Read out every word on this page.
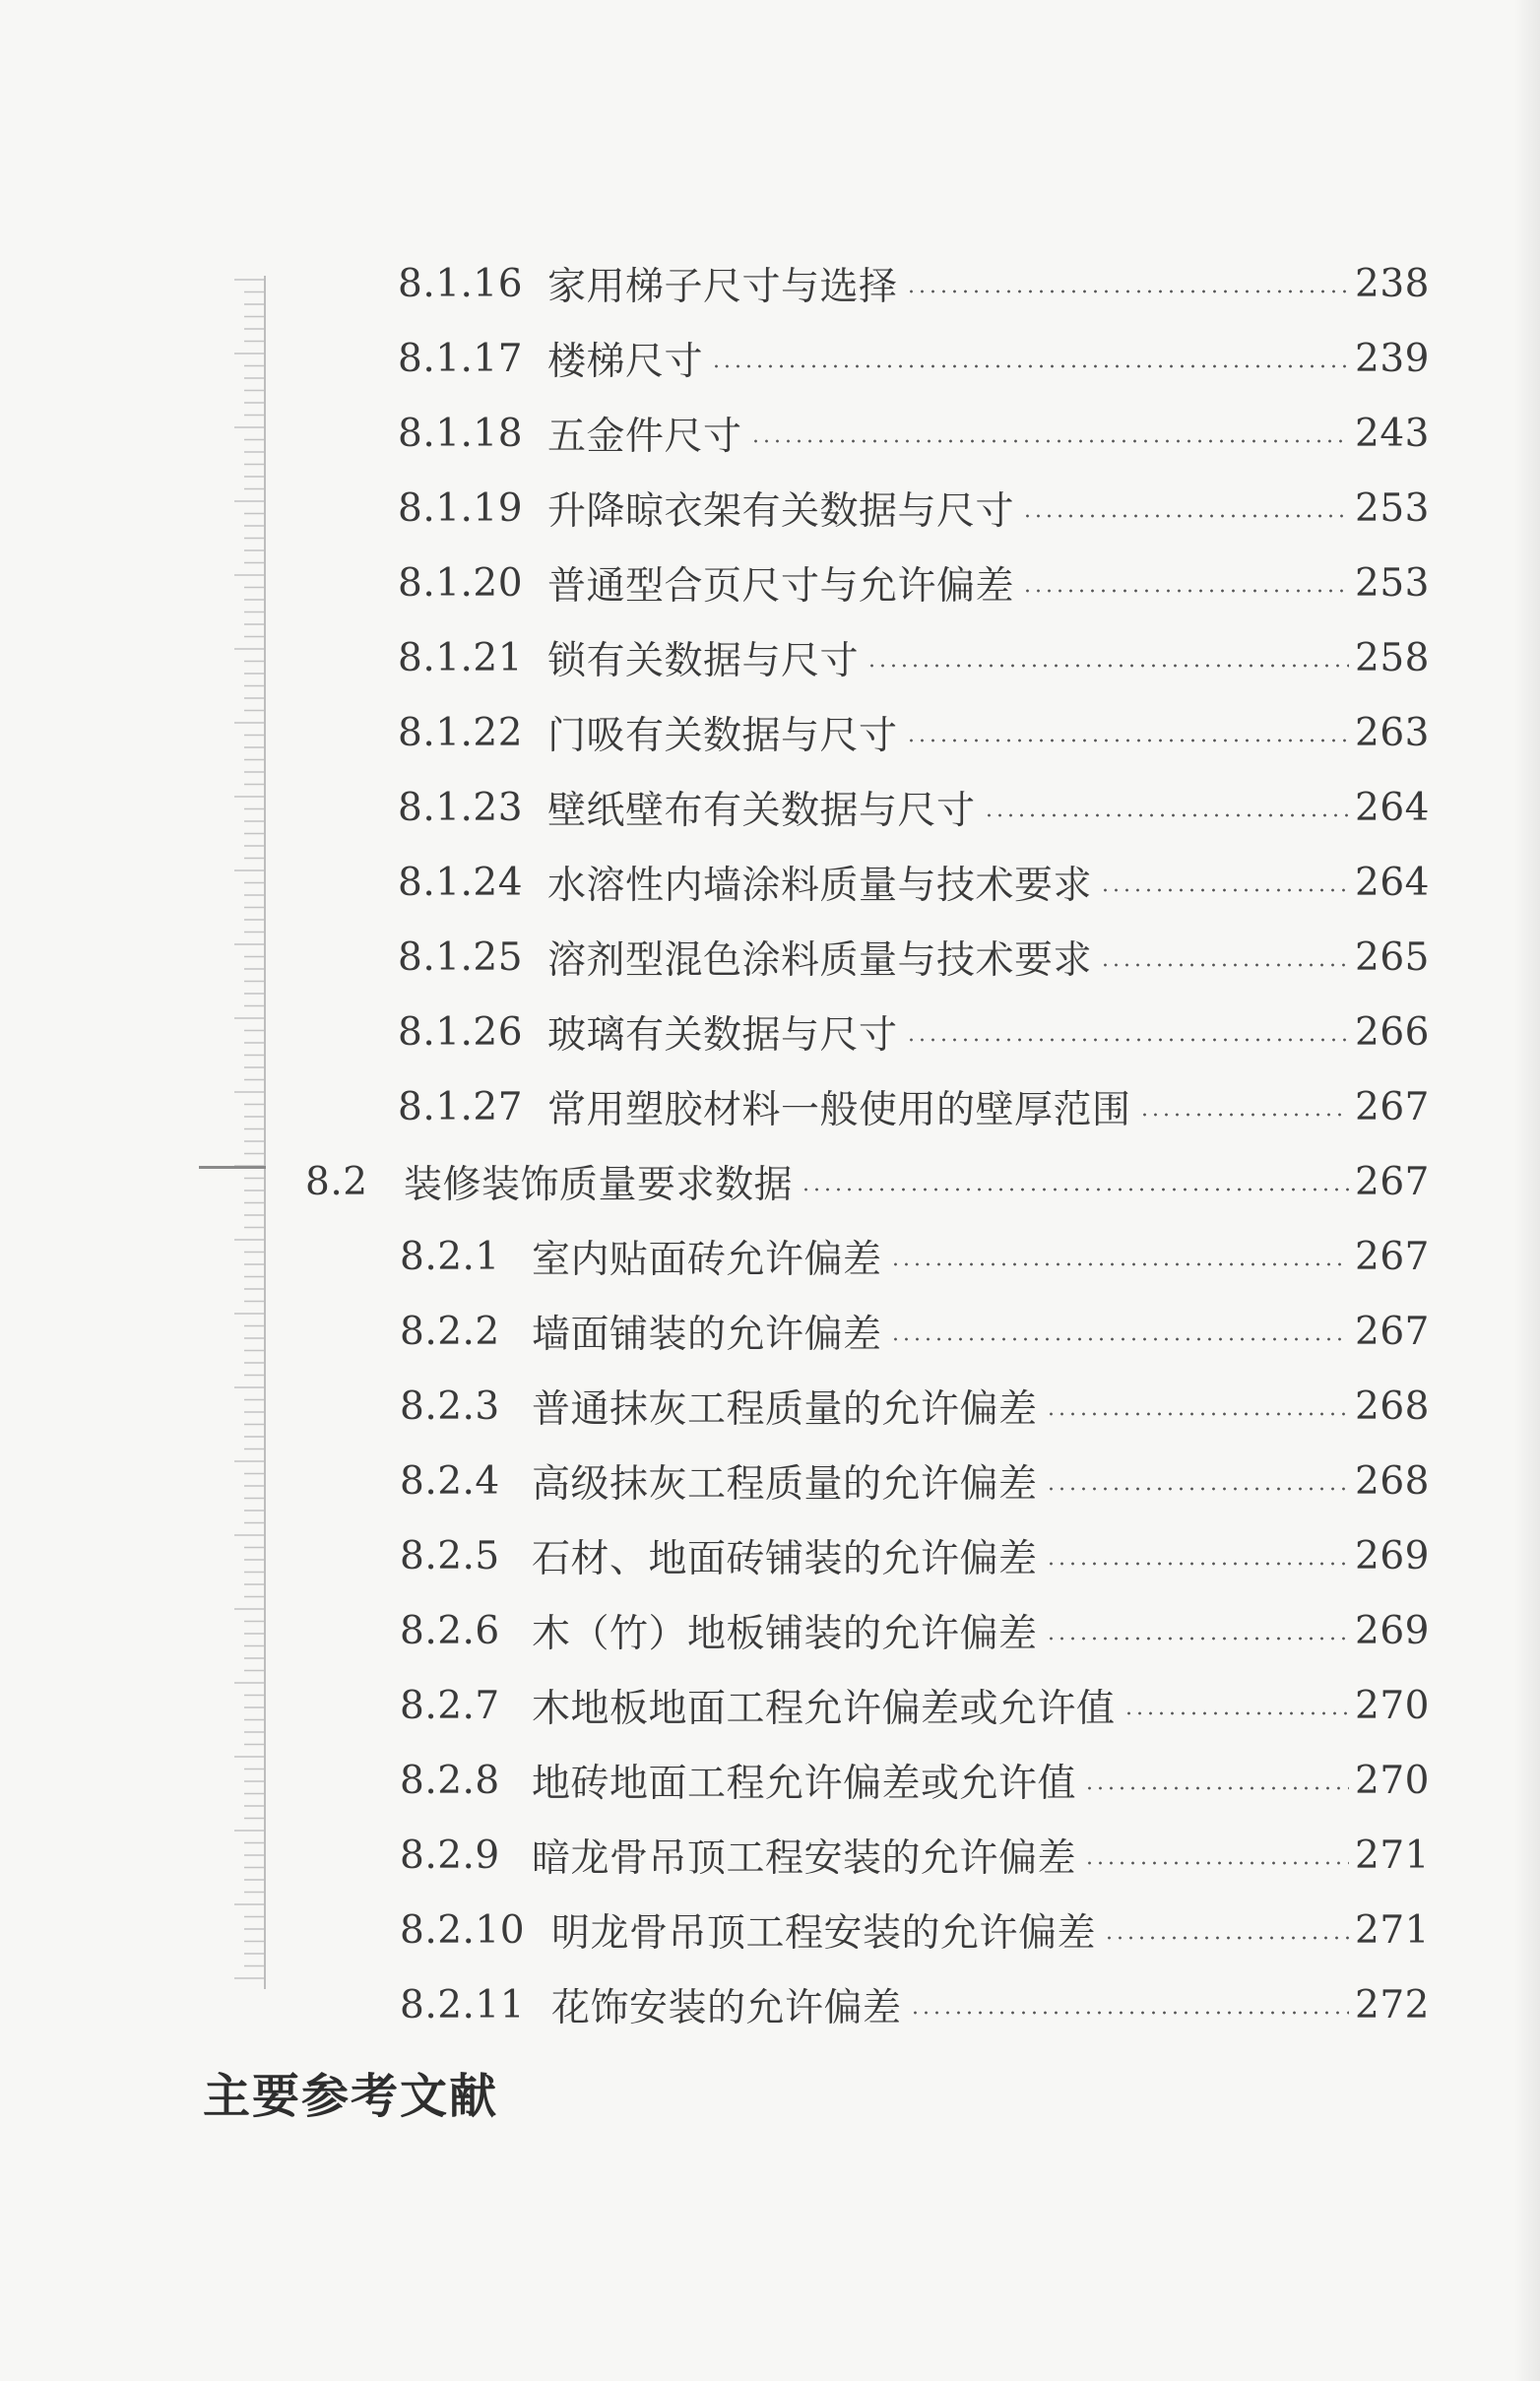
8.1.16 家用梯子尺寸与选择	238
8.1.17 楼梯尺寸	239
8.1.18 五金件尺寸	243
8.1.19 升降晾衣架有关数据与尺寸	253
8.1.20 普通型合页尺寸与允许偏差	253
8.1.21 锁有关数据与尺寸	258
8.1.22 门吸有关数据与尺寸	263
8.1.23 壁纸壁布有关数据与尺寸	264
8.1.24 水溶性内墙涂料质量与技术要求	264
8.1.25 溶剂型混色涂料质量与技术要求	265
8.1.26 玻璃有关数据与尺寸	266
8.1.27 常用塑胶材料一般使用的壁厚范围	267
8.2 装修装饰质量要求数据	267
8.2.1 室内贴面砖允许偏差	267
8.2.2 墙面铺装的允许偏差	267
8.2.3 普通抹灰工程质量的允许偏差	268
8.2.4 高级抹灰工程质量的允许偏差	268
8.2.5 石材、地面砖铺装的允许偏差	269
8.2.6 木（竹）地板铺装的允许偏差	269
8.2.7 木地板地面工程允许偏差或允许值	270
8.2.8 地砖地面工程允许偏差或允许值	270
8.2.9 暗龙骨吊顶工程安装的允许偏差	271
8.2.10 明龙骨吊顶工程安装的允许偏差	271
8.2.11 花饰安装的允许偏差	272
主要参考文献
